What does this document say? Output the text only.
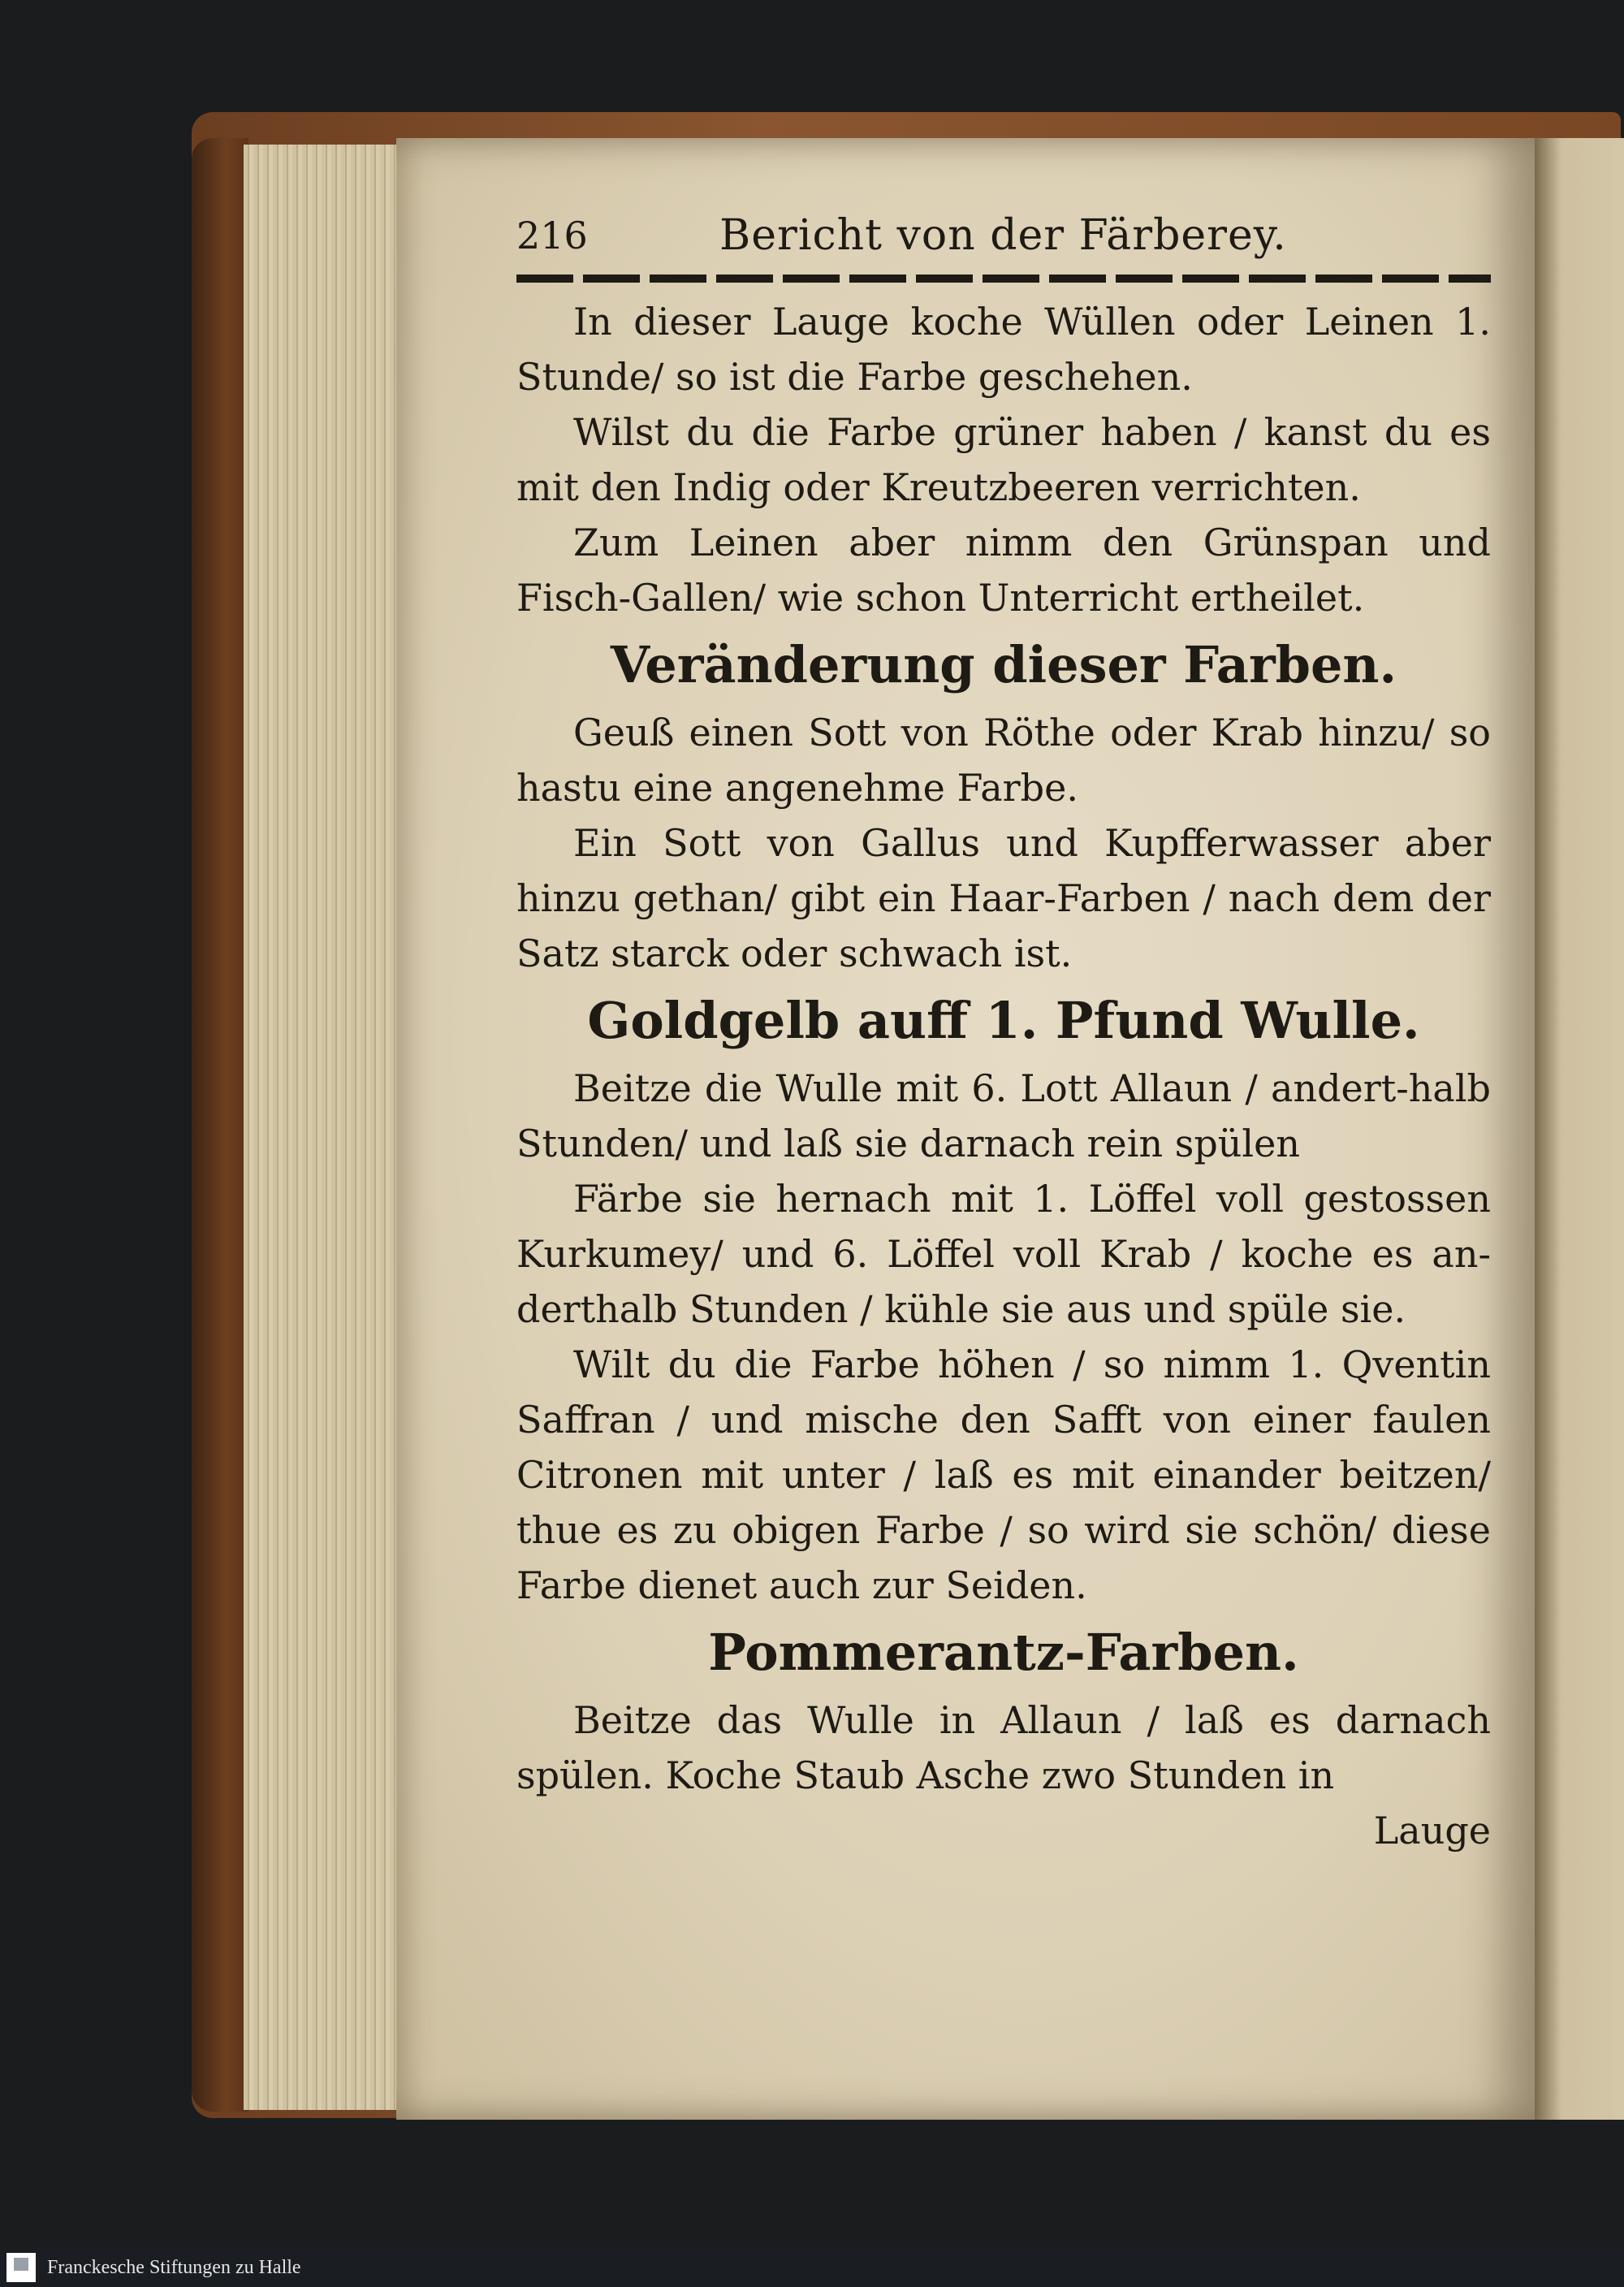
216	Bericht von der Färberey.

In dieser Lauge koche Wüllen oder Leinen 1. Stunde/ so ist die Farbe geschehen.

Wilst du die Farbe grüner haben / kanst du es mit den Indig oder Kreutzbeeren verrichten.

Zum Leinen aber nimm den Grünspan und Fisch-Gallen/ wie schon Unterricht ertheilet.

Veränderung dieser Farben.

Geuß einen Sott von Röthe oder Krab hinzu/ so hastu eine angenehme Farbe.

Ein Sott von Gallus und Kupfferwasser aber hinzu gethan/ gibt ein Haar-Farben / nach dem der Satz starck oder schwach ist.

Goldgelb auff 1. Pfund Wulle.

Beitze die Wulle mit 6. Lott Allaun / andert-halb Stunden/ und laß sie darnach rein spülen

Färbe sie hernach mit 1. Löffel voll gestossen Kurkumey/ und 6. Löffel voll Krab / koche es an-derthalb Stunden / kühle sie aus und spüle sie.

Wilt du die Farbe höhen / so nimm 1. Qventin Saffran / und mische den Safft von einer faulen Citronen mit unter / laß es mit einander beitzen/ thue es zu obigen Farbe / so wird sie schön/ diese Farbe dienet auch zur Seiden.

Pommerantz-Farben.

Beitze das Wulle in Allaun / laß es darnach spülen. Koche Staub Asche zwo Stunden in

Lauge

Franckesche Stiftungen zu Halle
